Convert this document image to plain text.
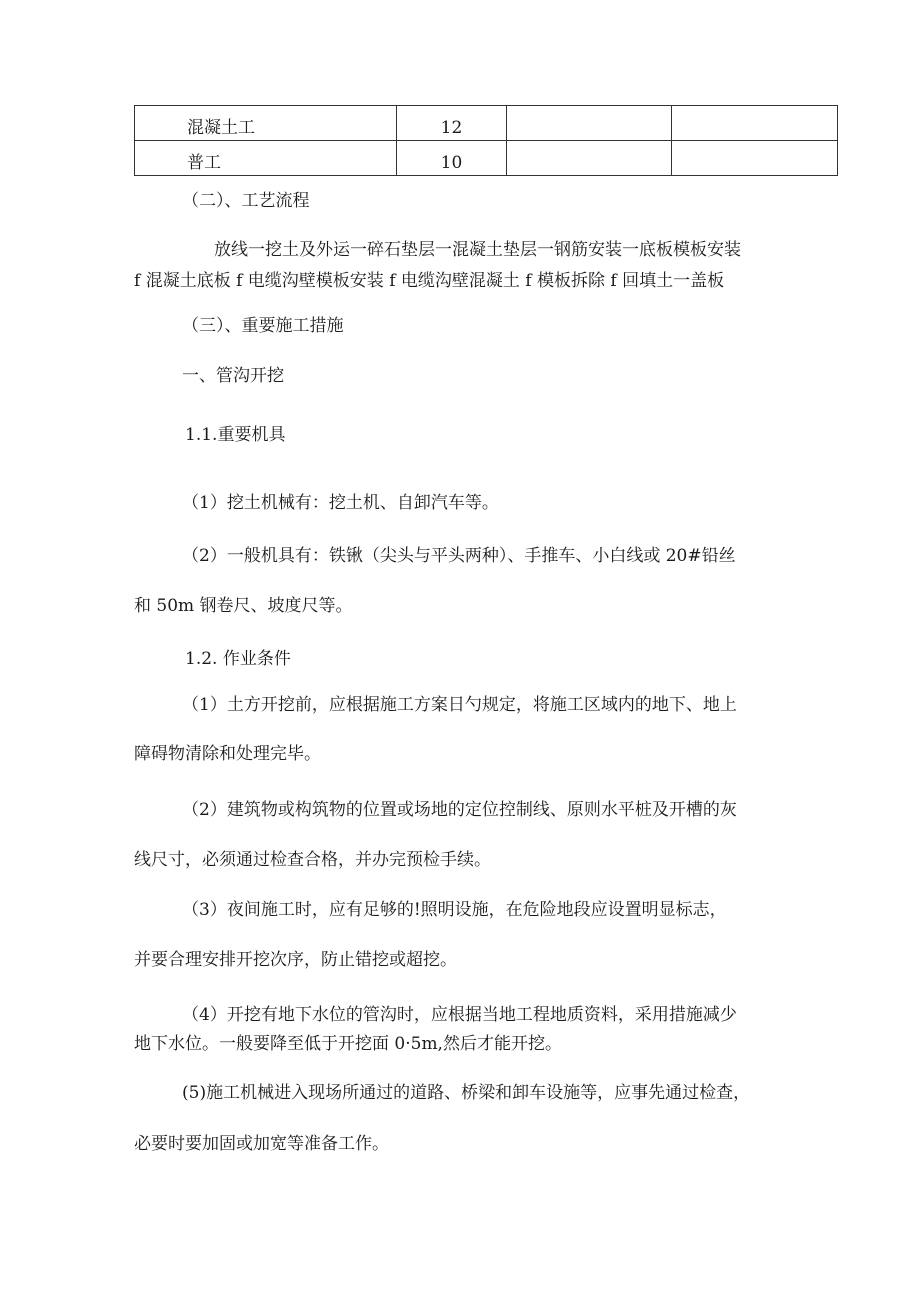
混凝土工	12		
普工	10		
（二）、工艺流程
放线一挖土及外运一碎石垫层一混凝土垫层一钢筋安装一底板模板安装
f 混凝土底板 f 电缆沟壁模板安装 f 电缆沟壁混凝土 f 模板拆除 f 回填土一盖板
（三）、重要施工措施
一、管沟开挖
1.1.重要机具
（1）挖土机械有：挖土机、自卸汽车等。
（2）一般机具有：铁锹（尖头与平头两种）、手推车、小白线或 20#铅丝
和 50m 钢卷尺、坡度尺等。
1.2. 作业条件
（1）土方开挖前，应根据施工方案日勺规定，将施工区域内的地下、地上
障碍物清除和处理完毕。
（2）建筑物或构筑物的位置或场地的定位控制线、原则水平桩及开槽的灰
线尺寸，必须通过检查合格，并办完预检手续。
（3）夜间施工时，应有足够的!照明设施，在危险地段应设置明显标志，
并要合理安排开挖次序，防止错挖或超挖。
（4）开挖有地下水位的管沟时，应根据当地工程地质资料，采用措施减少
地下水位。一般要降至低于开挖面 0·5m,然后才能开挖。
(5)施工机械进入现场所通过的道路、桥梁和卸车设施等，应事先通过检查，
必要时要加固或加宽等准备工作。
